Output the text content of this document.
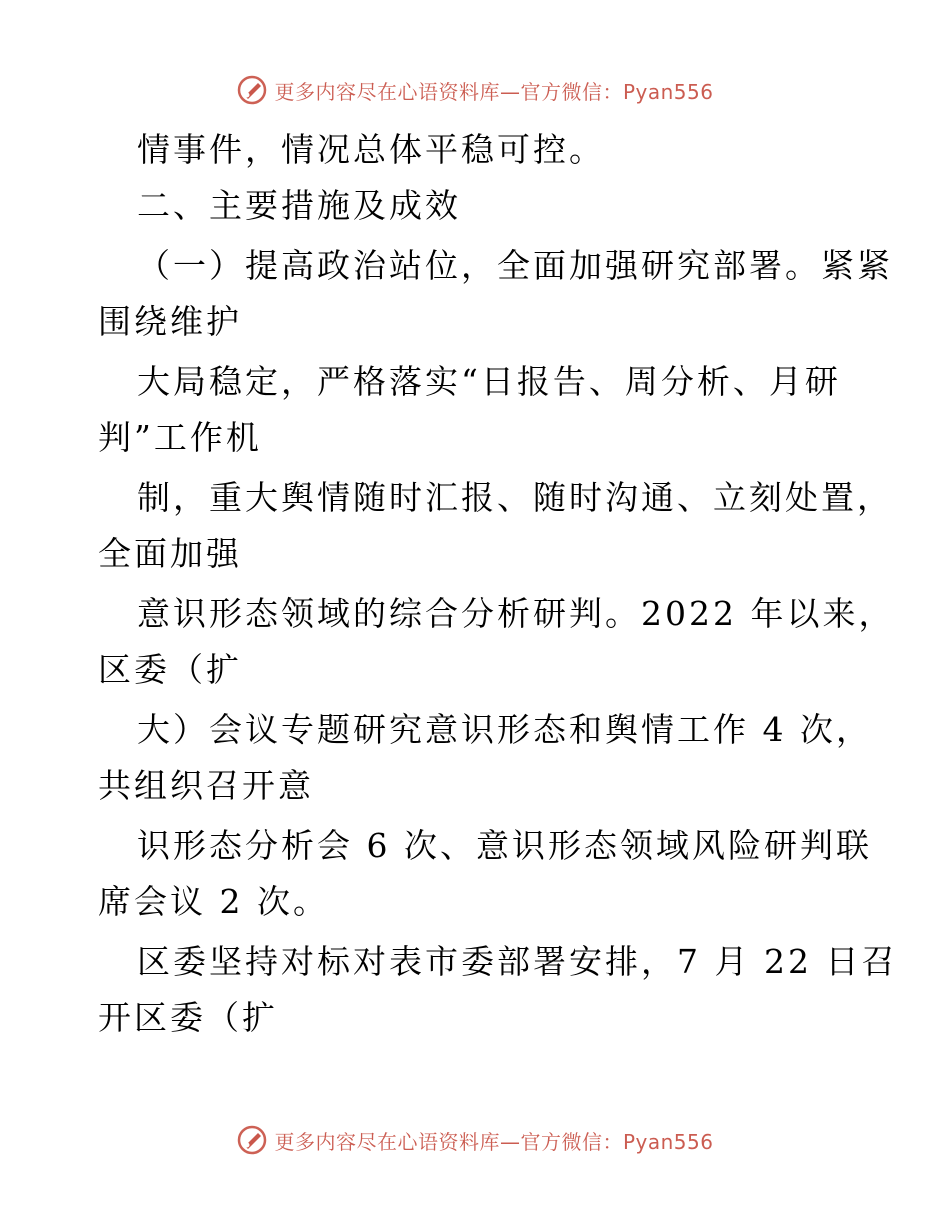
更多内容尽在心语资料库—官方微信：Pyan556
情事件，情况总体平稳可控。
二、主要措施及成效
（一）提高政治站位，全面加强研究部署。紧紧
围绕维护
大局稳定，严格落实“日报告、周分析、月研
判”工作机
制，重大舆情随时汇报、随时沟通、立刻处置，
全面加强
意识形态领域的综合分析研判。2022 年以来，
区委（扩
大）会议专题研究意识形态和舆情工作 4 次，
共组织召开意
识形态分析会 6 次、意识形态领域风险研判联
席会议 2 次。
区委坚持对标对表市委部署安排，7 月 22 日召
开区委（扩
更多内容尽在心语资料库—官方微信：Pyan556
